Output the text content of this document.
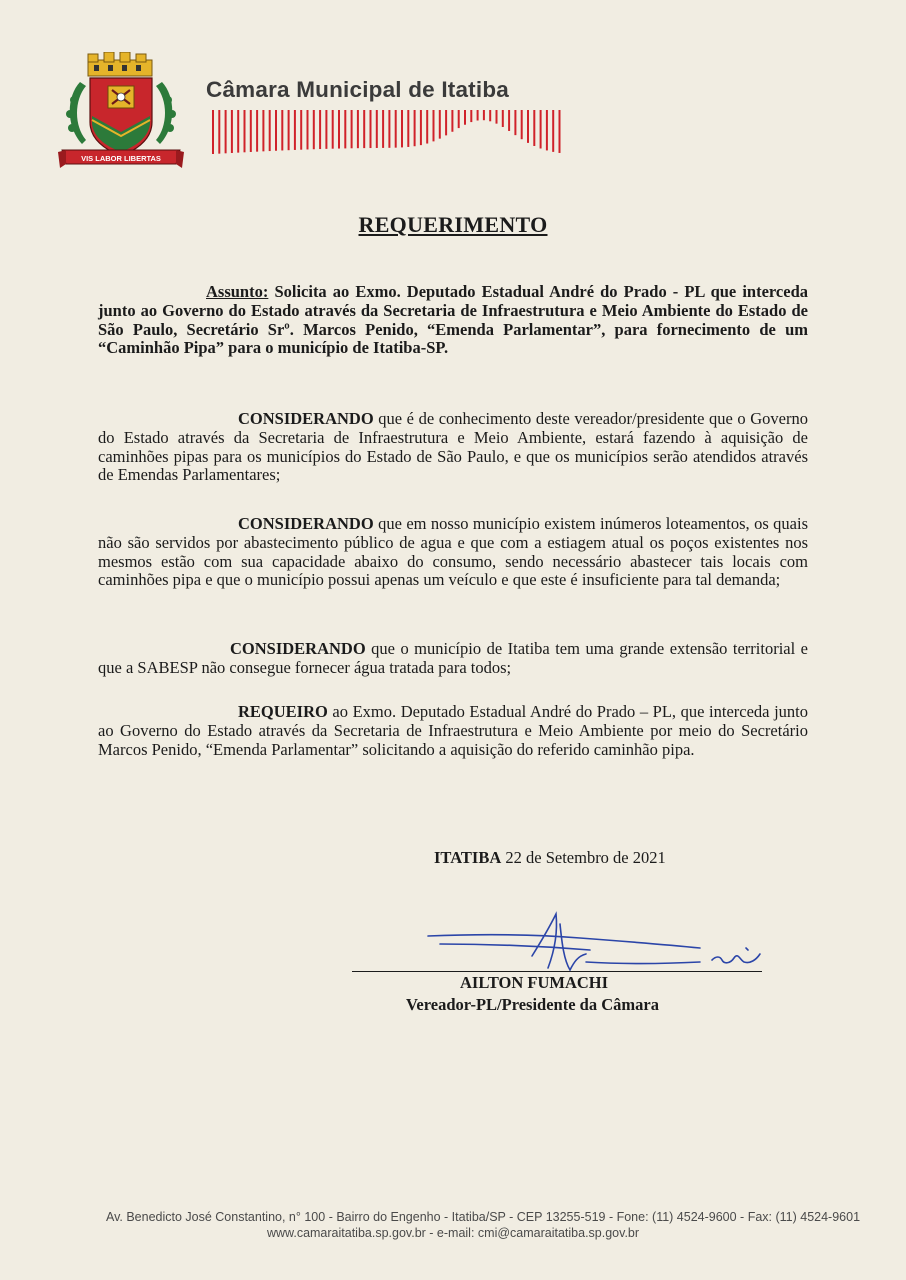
VIS LABOR LIBERTAS
Câmara Municipal de Itatiba
REQUERIMENTO
Assunto: Solicita ao Exmo. Deputado Estadual André do Prado - PL que interceda junto ao Governo do Estado através da Secretaria de Infraestrutura e Meio Ambiente do Estado de São Paulo, Secretário Srº. Marcos Penido, “Emenda Parlamentar”, para fornecimento de um “Caminhão Pipa” para o município de Itatiba-SP.
CONSIDERANDO que é de conhecimento deste vereador/presidente que o Governo do Estado através da Secretaria de Infraestrutura e Meio Ambiente, estará fazendo à aquisição de caminhões pipas para os municípios do Estado de São Paulo, e que os municípios serão atendidos através de Emendas Parlamentares;
CONSIDERANDO que em nosso município existem inúmeros loteamentos, os quais não são servidos por abastecimento público de agua e que com a estiagem atual os poços existentes nos mesmos estão com sua capacidade abaixo do consumo, sendo necessário abastecer tais locais com caminhões pipa e que o município possui apenas um veículo e que este é insuficiente para tal demanda;
CONSIDERANDO que o município de Itatiba tem uma grande extensão territorial e que a SABESP não consegue fornecer água tratada para todos;
REQUEIRO ao Exmo. Deputado Estadual André do Prado – PL, que interceda junto ao Governo do Estado através da Secretaria de Infraestrutura e Meio Ambiente por meio do Secretário Marcos Penido, “Emenda Parlamentar” solicitando a aquisição do referido caminhão pipa.
ITATIBA 22 de Setembro de 2021
AILTON FUMACHI
Vereador-PL/Presidente da Câmara
Av. Benedicto José Constantino, n° 100 - Bairro do Engenho - Itatiba/SP - CEP 13255-519 - Fone: (11) 4524-9600 - Fax: (11) 4524-9601
www.camaraitatiba.sp.gov.br - e-mail: cmi@camaraitatiba.sp.gov.br
